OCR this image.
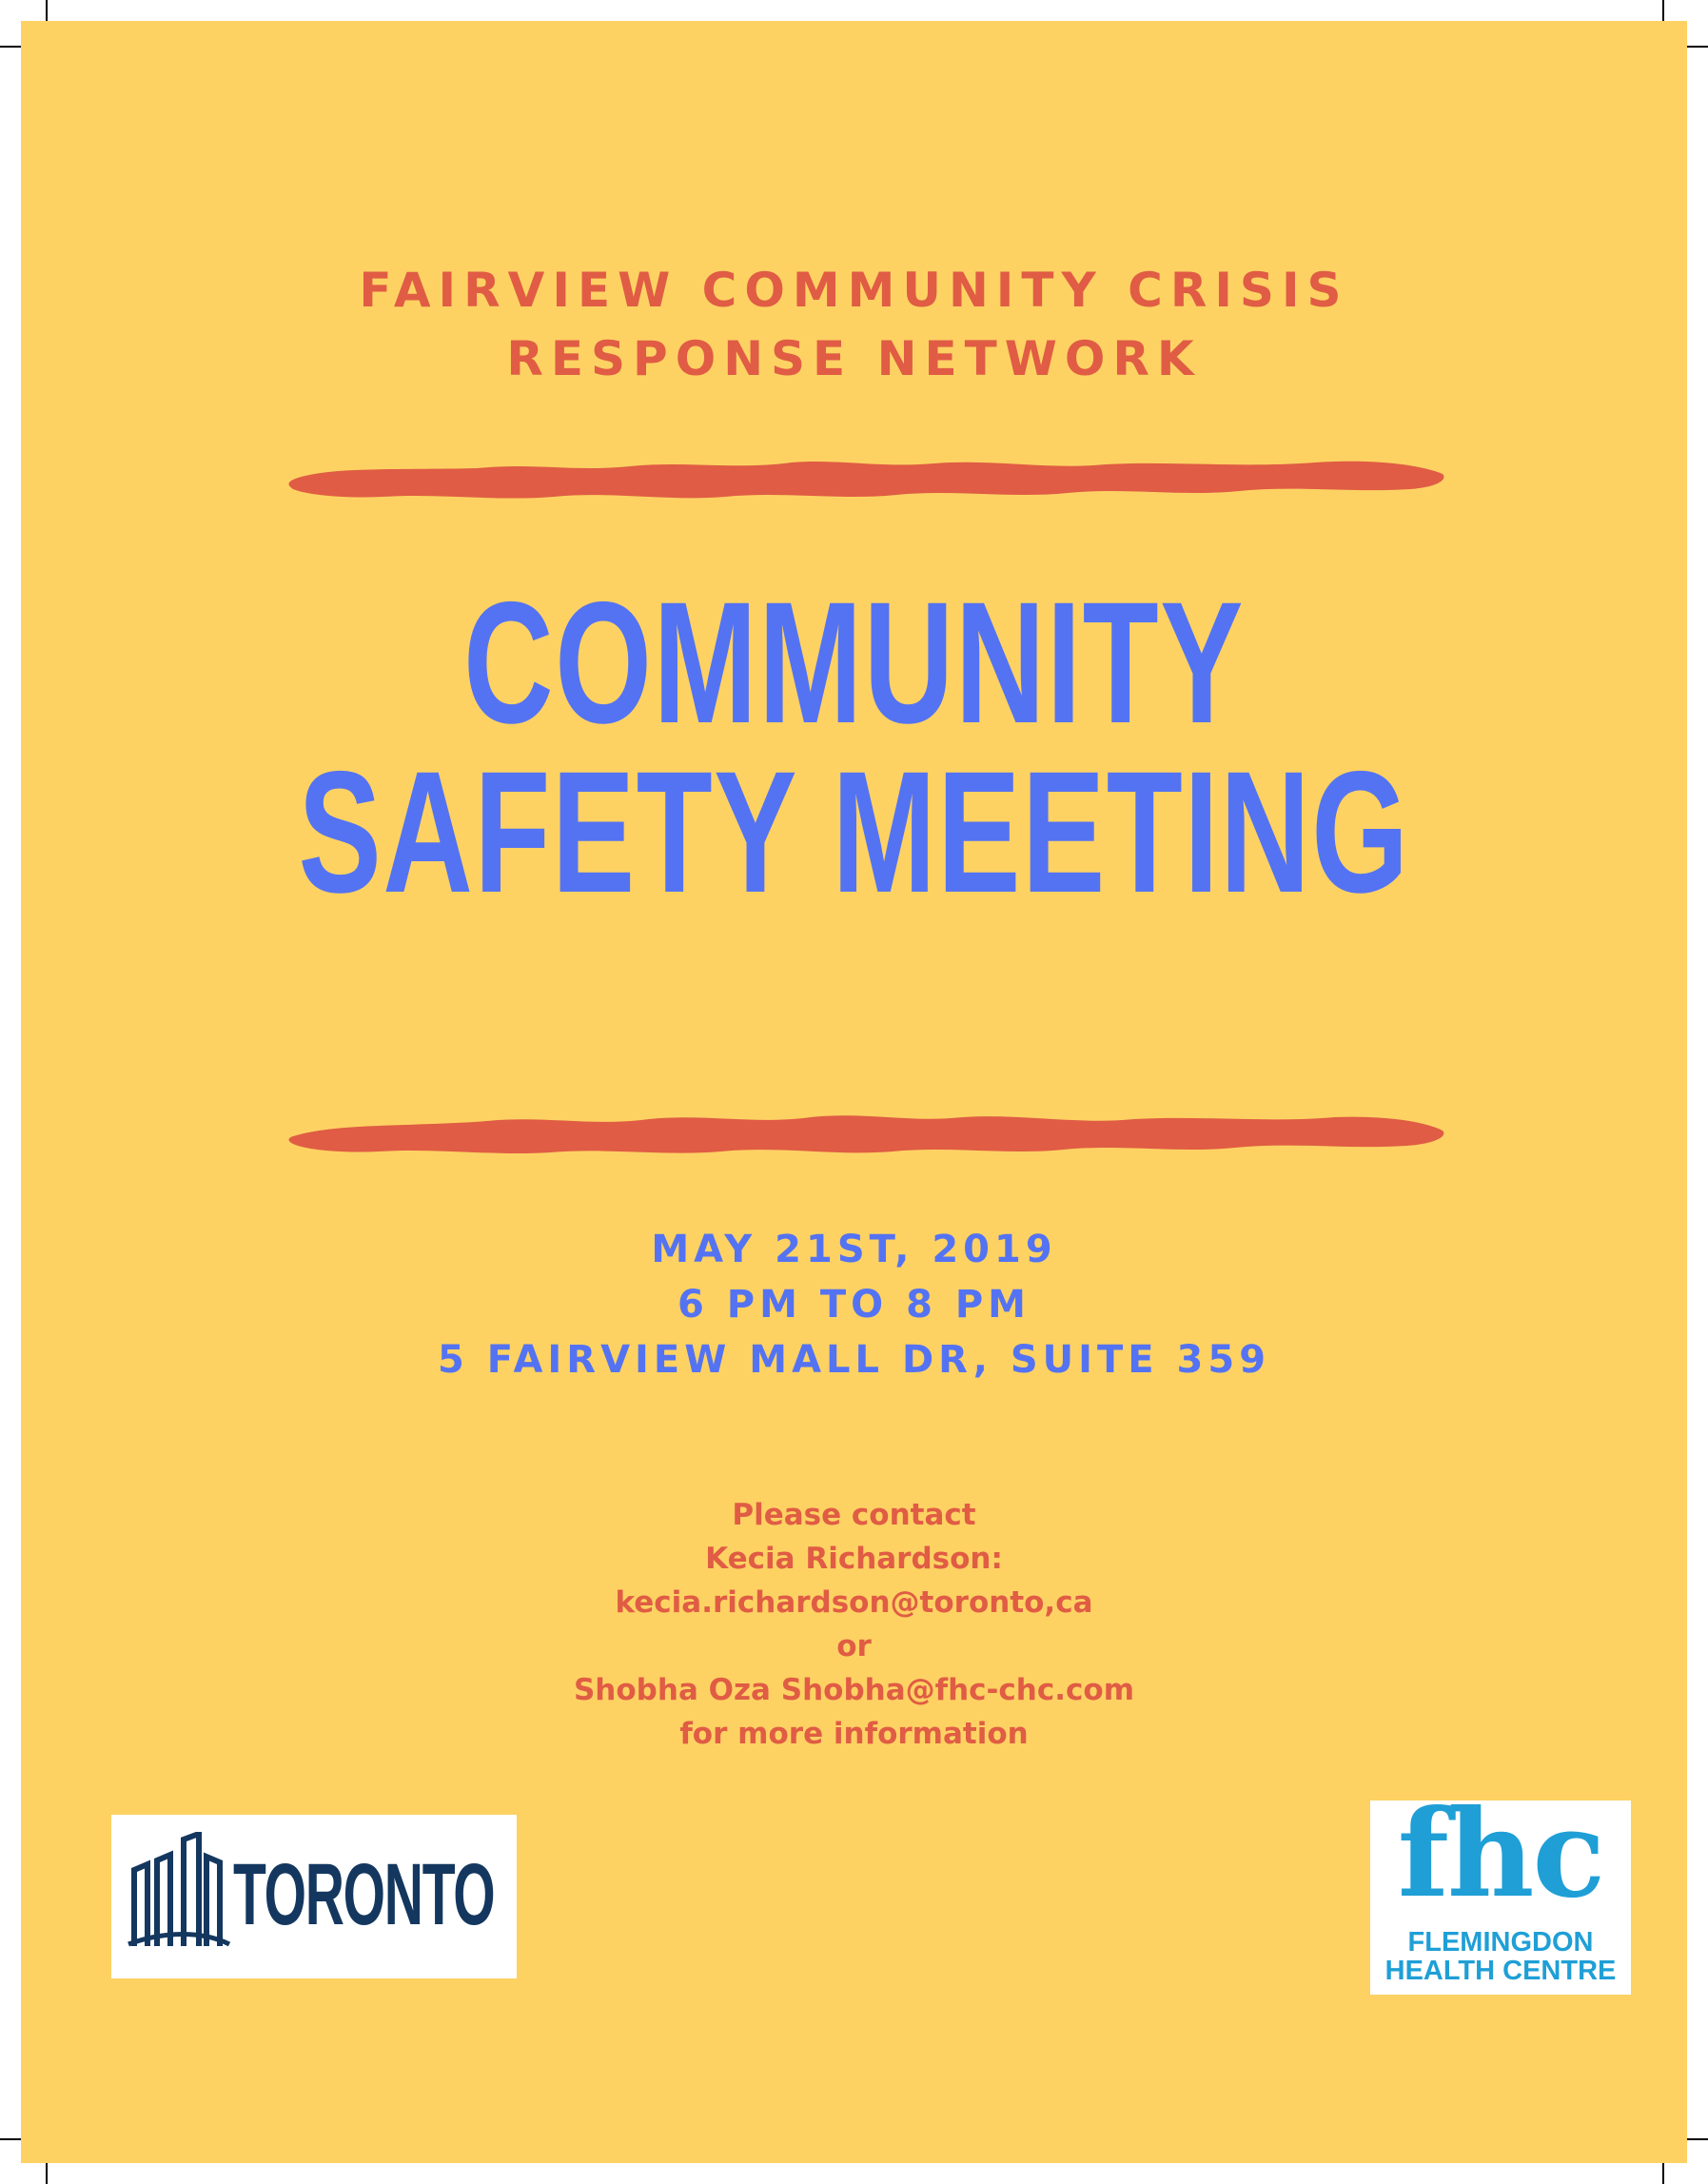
FAIRVIEW COMMUNITY CRISIS
RESPONSE NETWORK
COMMUNITY
SAFETY MEETING
MAY 21ST, 2019
6 PM TO 8 PM
5 FAIRVIEW MALL DR, SUITE 359
Please contact
Kecia Richardson:
kecia.richardson@toronto,ca
or
Shobha Oza Shobha@fhc-chc.com
for more information
TORONTO	fhc
FLEMINGDON
HEALTH CENTRE
